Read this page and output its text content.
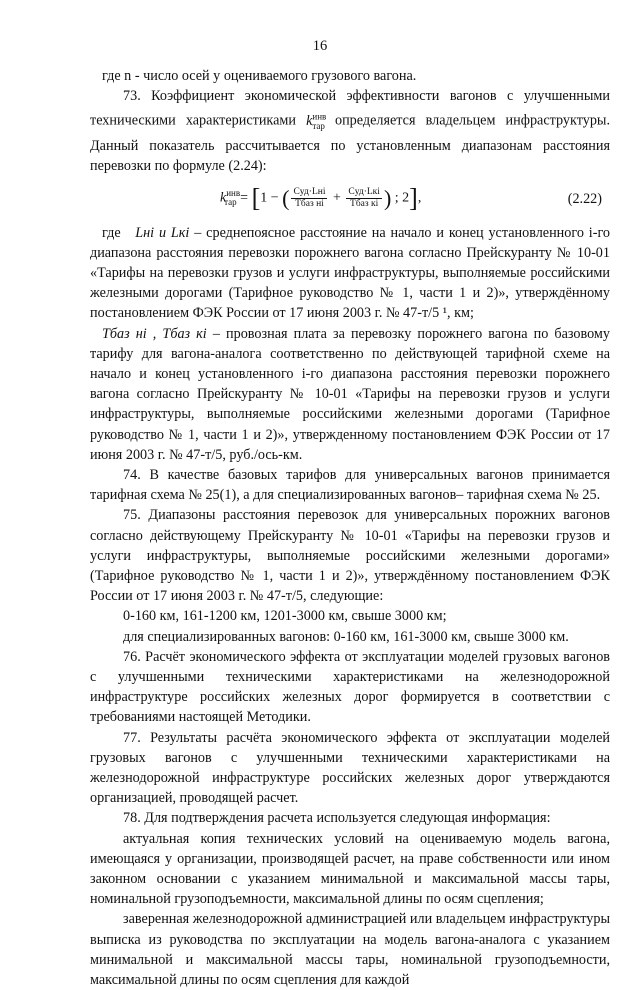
16

где n - число осей у оцениваемого грузового вагона.

73. Коэффициент экономической эффективности вагонов с улучшенными техническими характеристиками $k^{инв}_{тар}$ определяется владельцем инфраструктуры. Данный показатель рассчитывается по установленным диапазонам расстояния перевозки по формуле (2.24):

$k^{инв}_{тар} = [1$ − ( $\frac{\text{Cуд·Lнi}}{\text{Tбаз нi}} + \frac{\text{Cуд·Lкi}}{\text{Tбаз кi}}$ ) ; 2],	(2.22)

где Lнi и Lкi – среднепоясное расстояние на начало и конец установленного i-го диапазона расстояния перевозки порожнего вагона согласно Прейскуранту № 10-01 «Тарифы на перевозки грузов и услуги инфраструктуры, выполняемые российскими железными дорогами (Тарифное руководство № 1, части 1 и 2)», утверждённому постановлением ФЭК России от 17 июня 2003 г. № 47-т/5 ¹, км;

Tбаз нi , Tбаз кi – провозная плата за перевозку порожнего вагона по базовому тарифу для вагона-аналога соответственно по действующей тарифной схеме на начало и конец установленного i-го диапазона расстояния перевозки порожнего вагона согласно Прейскуранту № 10-01 «Тарифы на перевозки грузов и услуги инфраструктуры, выполняемые российскими железными дорогами (Тарифное руководство № 1, части 1 и 2)», утвержденному постановлением ФЭК России от 17 июня 2003 г. № 47-т/5, руб./ось-км.

74. В качестве базовых тарифов для универсальных вагонов принимается тарифная схема № 25(1), а для специализированных вагонов– тарифная схема № 25.

75. Диапазоны расстояния перевозок для универсальных порожних вагонов согласно действующему Прейскуранту № 10-01 «Тарифы на перевозки грузов и услуги инфраструктуры, выполняемые российскими железными дорогами» (Тарифное руководство № 1, части 1 и 2)», утверждённому постановлением ФЭК России от 17 июня 2003 г. № 47-т/5, следующие:

0-160 км, 161-1200 км, 1201-3000 км, свыше 3000 км;

для специализированных вагонов: 0-160 км, 161-3000 км, свыше 3000 км.

76. Расчёт экономического эффекта от эксплуатации моделей грузовых вагонов с улучшенными техническими характеристиками на железнодорожной инфраструктуре российских железных дорог формируется в соответствии с требованиями настоящей Методики.

77. Результаты расчёта экономического эффекта от эксплуатации моделей грузовых вагонов с улучшенными техническими характеристиками на железнодорожной инфраструктуре российских железных дорог утверждаются организацией, проводящей расчет.

78. Для подтверждения расчета используется следующая информация:

актуальная копия технических условий на оцениваемую модель вагона, имеющаяся у организации, производящей расчет, на праве собственности или ином законном основании с указанием минимальной и максимальной массы тары, номинальной грузоподъемности, максимальной длины по осям сцепления;

заверенная железнодорожной администрацией или владельцем инфраструктуры выписка из руководства по эксплуатации на модель вагона-аналога с указанием минимальной и максимальной массы тары, номинальной грузоподъемности, максимальной длины по осям сцепления для каждой
